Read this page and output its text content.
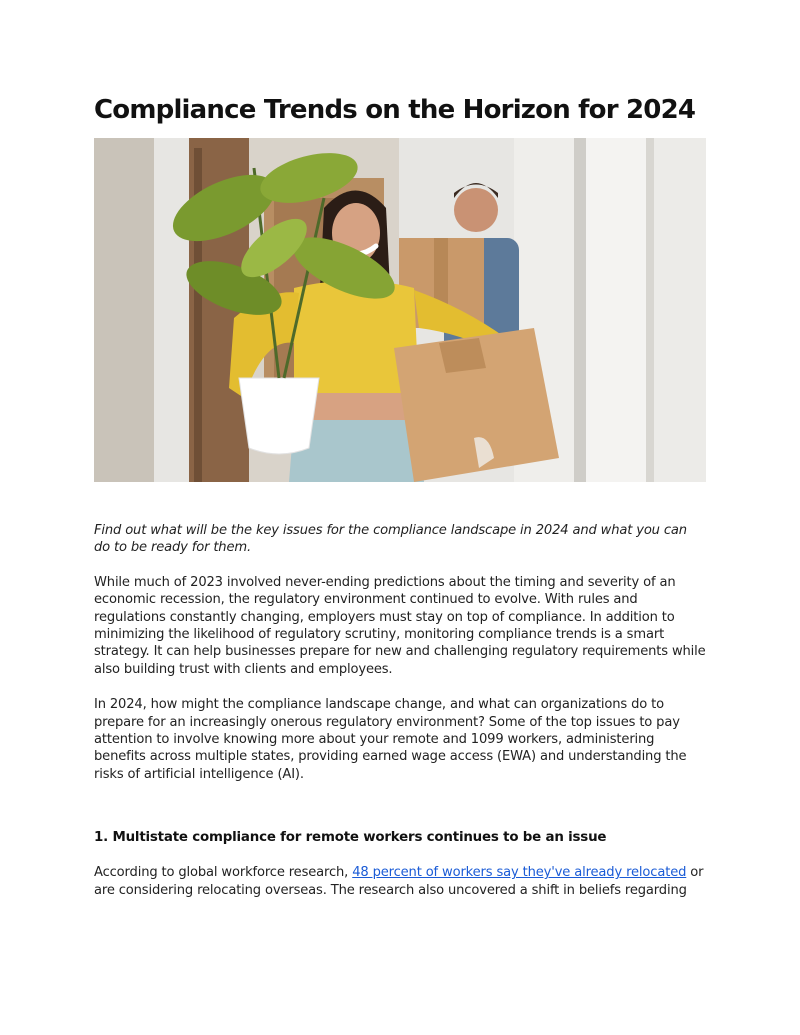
Compliance Trends on the Horizon for 2024

Find out what will be the key issues for the compliance landscape in 2024 and what you can do to be ready for them.

While much of 2023 involved never-ending predictions about the timing and severity of an economic recession, the regulatory environment continued to evolve. With rules and regulations constantly changing, employers must stay on top of compliance. In addition to minimizing the likelihood of regulatory scrutiny, monitoring compliance trends is a smart strategy. It can help businesses prepare for new and challenging regulatory requirements while also building trust with clients and employees.

In 2024, how might the compliance landscape change, and what can organizations do to prepare for an increasingly onerous regulatory environment? Some of the top issues to pay attention to involve knowing more about your remote and 1099 workers, administering benefits across multiple states, providing earned wage access (EWA) and understanding the risks of artificial intelligence (AI).

1. Multistate compliance for remote workers continues to be an issue

According to global workforce research, 48 percent of workers say they've already relocated or are considering relocating overseas. The research also uncovered a shift in beliefs regarding
